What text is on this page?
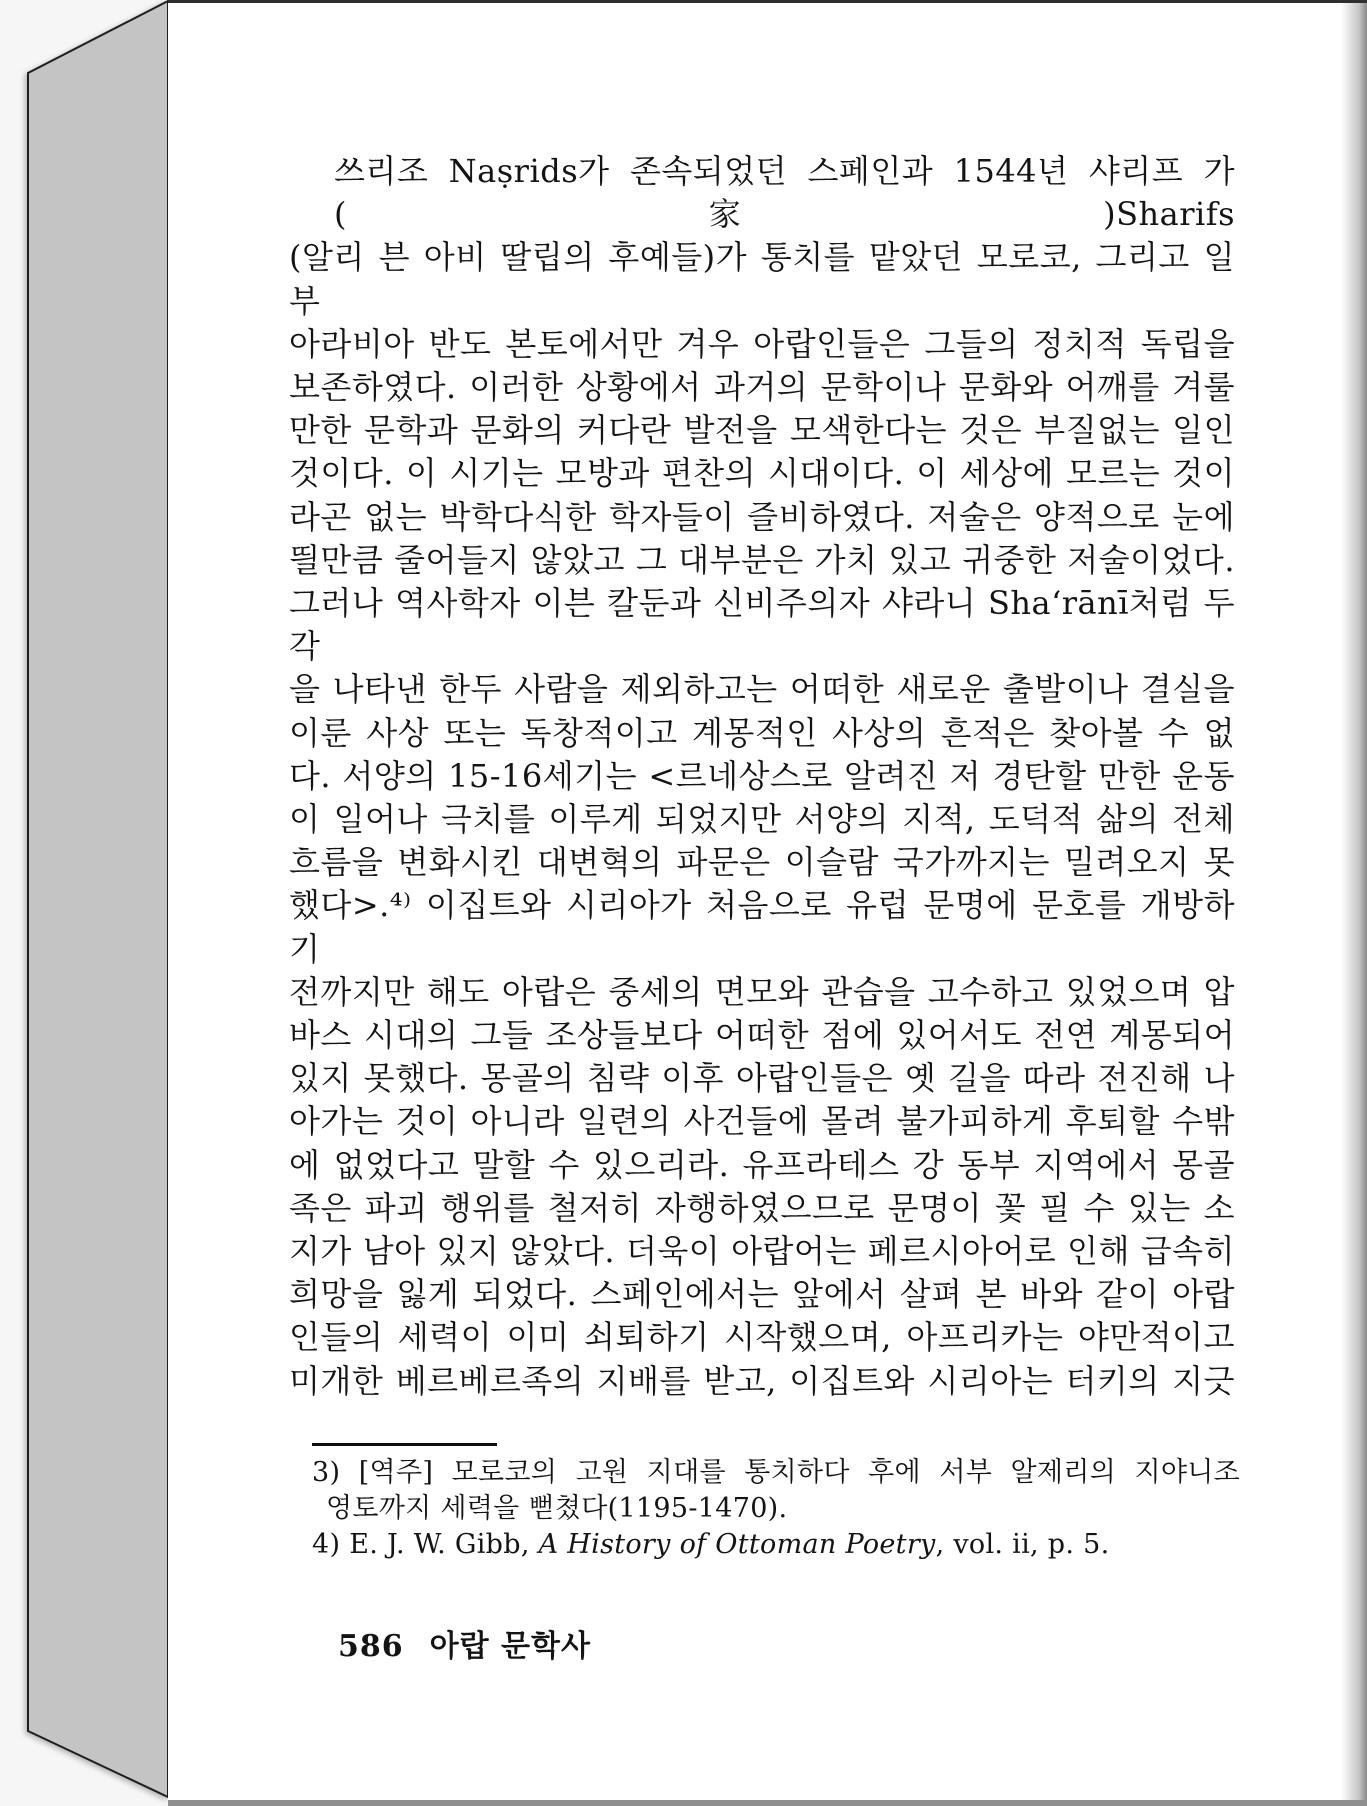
쓰리조 Naṣrids가 존속되었던 스페인과 1544년 샤리프 가(家)Sharifs
(알리 븐 아비 딸립의 후예들)가 통치를 맡았던 모로코, 그리고 일부
아라비아 반도 본토에서만 겨우 아랍인들은 그들의 정치적 독립을
보존하였다. 이러한 상황에서 과거의 문학이나 문화와 어깨를 겨룰
만한 문학과 문화의 커다란 발전을 모색한다는 것은 부질없는 일인
것이다. 이 시기는 모방과 편찬의 시대이다. 이 세상에 모르는 것이
라곤 없는 박학다식한 학자들이 즐비하였다. 저술은 양적으로 눈에
띌만큼 줄어들지 않았고 그 대부분은 가치 있고 귀중한 저술이었다.
그러나 역사학자 이븐 칼둔과 신비주의자 샤라니 Sha‘rānī처럼 두각
을 나타낸 한두 사람을 제외하고는 어떠한 새로운 출발이나 결실을
이룬 사상 또는 독창적이고 계몽적인 사상의 흔적은 찾아볼 수 없
다. 서양의 15-16세기는 <르네상스로 알려진 저 경탄할 만한 운동
이 일어나 극치를 이루게 되었지만 서양의 지적, 도덕적 삶의 전체
흐름을 변화시킨 대변혁의 파문은 이슬람 국가까지는 밀려오지 못
했다>.⁴⁾ 이집트와 시리아가 처음으로 유럽 문명에 문호를 개방하기
전까지만 해도 아랍은 중세의 면모와 관습을 고수하고 있었으며 압
바스 시대의 그들 조상들보다 어떠한 점에 있어서도 전연 계몽되어
있지 못했다. 몽골의 침략 이후 아랍인들은 옛 길을 따라 전진해 나
아가는 것이 아니라 일련의 사건들에 몰려 불가피하게 후퇴할 수밖
에 없었다고 말할 수 있으리라. 유프라테스 강 동부 지역에서 몽골
족은 파괴 행위를 철저히 자행하였으므로 문명이 꽃 필 수 있는 소
지가 남아 있지 않았다. 더욱이 아랍어는 페르시아어로 인해 급속히
희망을 잃게 되었다. 스페인에서는 앞에서 살펴 본 바와 같이 아랍
인들의 세력이 이미 쇠퇴하기 시작했으며, 아프리카는 야만적이고
미개한 베르베르족의 지배를 받고, 이집트와 시리아는 터키의 지긋
3) [역주] 모로코의 고원 지대를 통치하다 후에 서부 알제리의 지야니조
영토까지 세력을 뻗쳤다(1195-1470).
4) E. J. W. Gibb, A History of Ottoman Poetry, vol. ii, p. 5.
586 아랍 문학사
